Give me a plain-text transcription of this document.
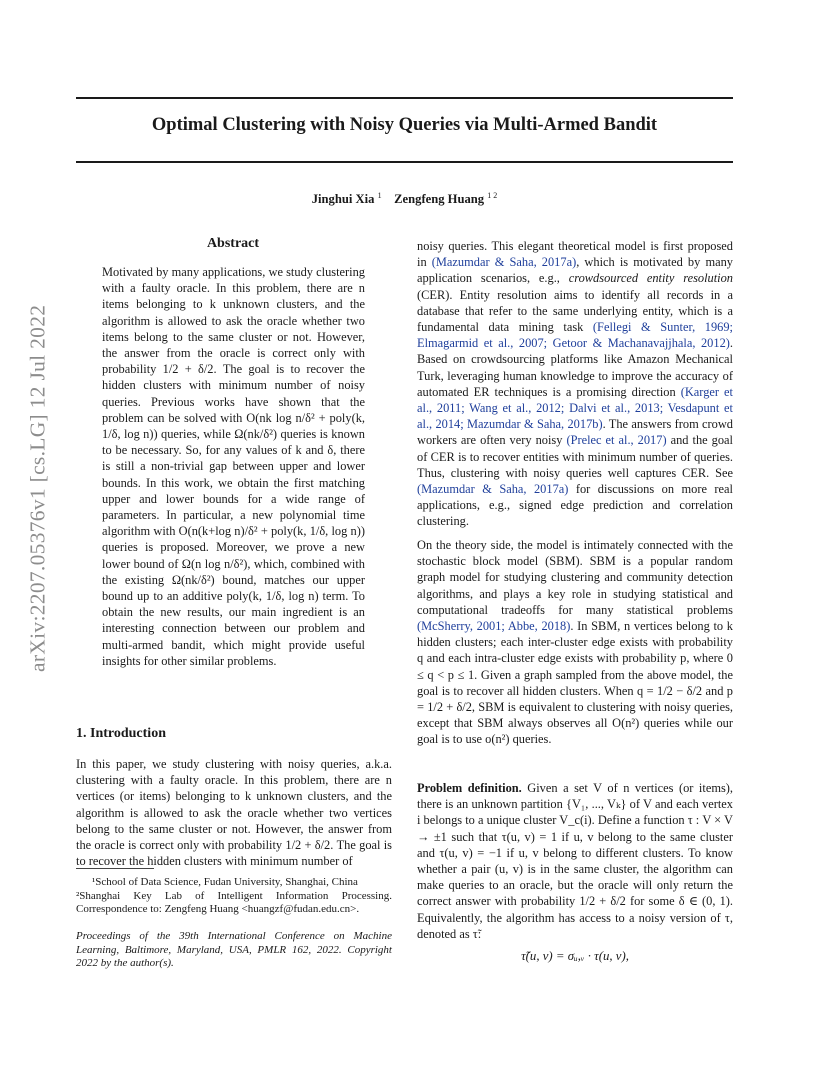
arXiv:2207.05376v1 [cs.LG] 12 Jul 2022
Optimal Clustering with Noisy Queries via Multi-Armed Bandit
Jinghui Xia $^1$ Zengfeng Huang $^{1 2}$
Abstract
Motivated by many applications, we study clustering with a faulty oracle. In this problem, there are n items belonging to k unknown clusters, and the algorithm is allowed to ask the oracle whether two items belong to the same cluster or not. However, the answer from the oracle is correct only with probability 1/2 + δ/2. The goal is to recover the hidden clusters with minimum number of noisy queries. Previous works have shown that the problem can be solved with O(nk log n/δ² + poly(k, 1/δ, log n)) queries, while Ω(nk/δ²) queries is known to be necessary. So, for any values of k and δ, there is still a non-trivial gap between upper and lower bounds. In this work, we obtain the first matching upper and lower bounds for a wide range of parameters. In particular, a new polynomial time algorithm with O(n(k+log n)/δ² + poly(k, 1/δ, log n)) queries is proposed. Moreover, we prove a new lower bound of Ω(n log n/δ²), which, combined with the existing Ω(nk/δ²) bound, matches our upper bound up to an additive poly(k, 1/δ, log n) term. To obtain the new results, our main ingredient is an interesting connection between our problem and multi-armed bandit, which might provide useful insights for other similar problems.
1. Introduction
In this paper, we study clustering with noisy queries, a.k.a. clustering with a faulty oracle. In this problem, there are n vertices (or items) belonging to k unknown clusters, and the algorithm is allowed to ask the oracle whether two vertices belong to the same cluster or not. However, the answer from the oracle is correct only with probability 1/2 + δ/2. The goal is to recover the hidden clusters with minimum number of
¹School of Data Science, Fudan University, Shanghai, China
²Shanghai Key Lab of Intelligent Information Processing. Correspondence to: Zengfeng Huang <huangzf@fudan.edu.cn>.
Proceedings of the 39th International Conference on Machine Learning, Baltimore, Maryland, USA, PMLR 162, 2022. Copyright 2022 by the author(s).
noisy queries. This elegant theoretical model is first proposed in (Mazumdar & Saha, 2017a), which is motivated by many application scenarios, e.g., crowdsourced entity resolution (CER). Entity resolution aims to identify all records in a database that refer to the same underlying entity, which is a fundamental data mining task (Fellegi & Sunter, 1969; Elmagarmid et al., 2007; Getoor & Machanavajjhala, 2012). Based on crowdsourcing platforms like Amazon Mechanical Turk, leveraging human knowledge to improve the accuracy of automated ER techniques is a promising direction (Karger et al., 2011; Wang et al., 2012; Dalvi et al., 2013; Vesdapunt et al., 2014; Mazumdar & Saha, 2017b). The answers from crowd workers are often very noisy (Prelec et al., 2017) and the goal of CER is to recover entities with minimum number of queries. Thus, clustering with noisy queries well captures CER. See (Mazumdar & Saha, 2017a) for discussions on more real applications, e.g., signed edge prediction and correlation clustering.
On the theory side, the model is intimately connected with the stochastic block model (SBM). SBM is a popular random graph model for studying clustering and community detection algorithms, and plays a key role in studying statistical and computational tradeoffs for many statistical problems (McSherry, 2001; Abbe, 2018). In SBM, n vertices belong to k hidden clusters; each inter-cluster edge exists with probability q and each intra-cluster edge exists with probability p, where 0 ≤ q < p ≤ 1. Given a graph sampled from the above model, the goal is to recover all hidden clusters. When q = 1/2 − δ/2 and p = 1/2 + δ/2, SBM is equivalent to clustering with noisy queries, except that SBM always observes all O(n²) queries while our goal is to use o(n²) queries.
Problem definition. Given a set V of n vertices (or items), there is an unknown partition {V₁, ..., Vₖ} of V and each vertex i belongs to a unique cluster V_c(i). Define a function τ : V × V → ±1 such that τ(u, v) = 1 if u, v belong to the same cluster and τ(u, v) = −1 if u, v belong to different clusters. To know whether a pair (u, v) is in the same cluster, the algorithm can make queries to an oracle, but the oracle will only return the correct answer with probability 1/2 + δ/2 for some δ ∈ (0, 1). Equivalently, the algorithm has access to a noisy version of τ, denoted as τ̃:
τ̃(u, v) = σᵤ,ᵥ · τ(u, v),
